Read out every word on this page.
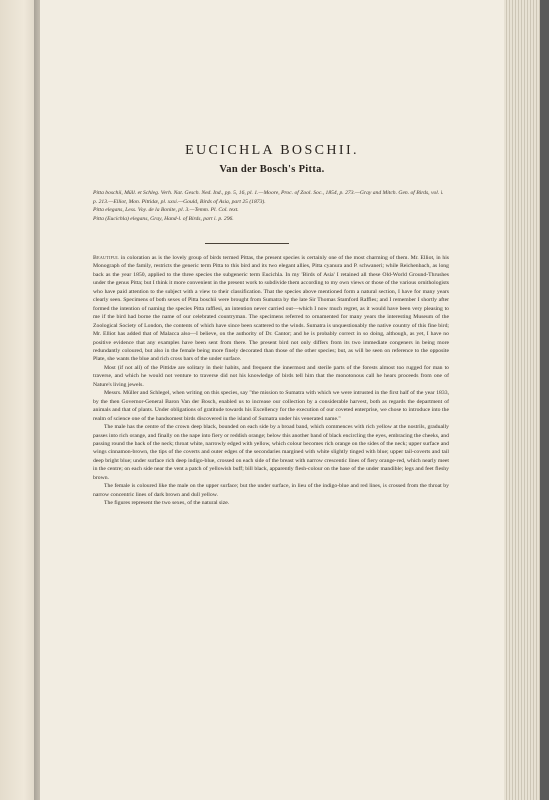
EUCICHLA BOSCHII.
Van der Bosch's Pitta.

Pitta boschii, Müll. et Schleg. Verh. Nat. Gesch. Ned. Ind., pp. 5, 16, pl. 1.—Moore, Proc. of Zool. Soc., 1854, p. 273.—Gray and Mitch. Gen. of Birds, vol. i. p. 213.—Elliot, Mon. Pittidæ, pl. xxxi.—Gould, Birds of Asia, part 25 (1873).

Pitta elegans, Less. Voy. de la Bonite, pl. 3.—Temm. Pl. Col. text.

Pitta (Eucichla) elegans, Gray, Hand-l. of Birds, part i. p. 296.

Beautiful in coloration as is the lovely group of birds termed Pittas, the present species is certainly one of the most charming of them. Mr. Elliot, in his Monograph of the family, restricts the generic term Pitta to this bird and its two elegant allies, Pitta cyanura and P. schwaneri; while Reichenbach, as long back as the year 1850, applied to the three species the subgeneric term Eucichla. In my 'Birds of Asia' I retained all these Old-World Ground-Thrushes under the genus Pitta; but I think it more convenient in the present work to subdivide them according to my own views or those of the various ornithologists who have paid attention to the subject with a view to their classification. That the species above mentioned form a natural section, I have for many years clearly seen. Specimens of both sexes of Pitta boschii were brought from Sumatra by the late Sir Thomas Stamford Raffles; and I remember I shortly after formed the intention of naming the species Pitta rafflesi, an intention never carried out—which I now much regret, as it would have been very pleasing to me if the bird had borne the name of our celebrated countryman. The specimens referred to ornamented for many years the interesting Museum of the Zoological Society of London, the contents of which have since been scattered to the winds. Sumatra is unquestionably the native country of this fine bird; Mr. Elliot has added that of Malacca also—I believe, on the authority of Dr. Cantor; and he is probably correct in so doing, although, as yet, I have no positive evidence that any examples have been sent from there. The present bird not only differs from its two immediate congeners in being more redundantly coloured, but also in the female being more finely decorated than those of the other species; but, as will be seen on reference to the opposite Plate, she wants the blue and rich cross bars of the under surface.

Most (if not all) of the Pittidæ are solitary in their habits, and frequent the innermost and sterile parts of the forests almost too rugged for man to traverse, and which he would not venture to traverse did not his knowledge of birds tell him that the monotonous call he hears proceeds from one of Nature's living jewels.

Messrs. Müller and Schlegel, when writing on this species, say "the mission to Sumatra with which we were intrusted in the first half of the year 1833, by the then Governor-General Baron Van der Bosch, enabled us to increase our collection by a considerable harvest, both as regards the department of animals and that of plants. Under obligations of gratitude towards his Excellency for the execution of our coveted enterprise, we chose to introduce into the realm of science one of the handsomest birds discovered in the island of Sumatra under his venerated name."

The male has the centre of the crown deep black, bounded on each side by a broad band, which commences with rich yellow at the nostrils, gradually passes into rich orange, and finally on the nape into fiery or reddish orange; below this another band of black encircling the eyes, embracing the cheeks, and passing round the back of the neck; throat white, narrowly edged with yellow, which colour becomes rich orange on the sides of the neck; upper surface and wings cinnamon-brown, the tips of the coverts and outer edges of the secondaries margined with white slightly tinged with blue; upper tail-coverts and tail deep bright blue; under surface rich deep indigo-blue, crossed on each side of the breast with narrow crescentic lines of fiery orange-red, which nearly meet in the centre; on each side near the vent a patch of yellowish buff; bill black, apparently flesh-colour on the base of the under mandible; legs and feet fleshy brown.

The female is coloured like the male on the upper surface; but the under surface, in lieu of the indigo-blue and red lines, is crossed from the throat by narrow concentric lines of dark brown and dull yellow.

The figures represent the two sexes, of the natural size.
